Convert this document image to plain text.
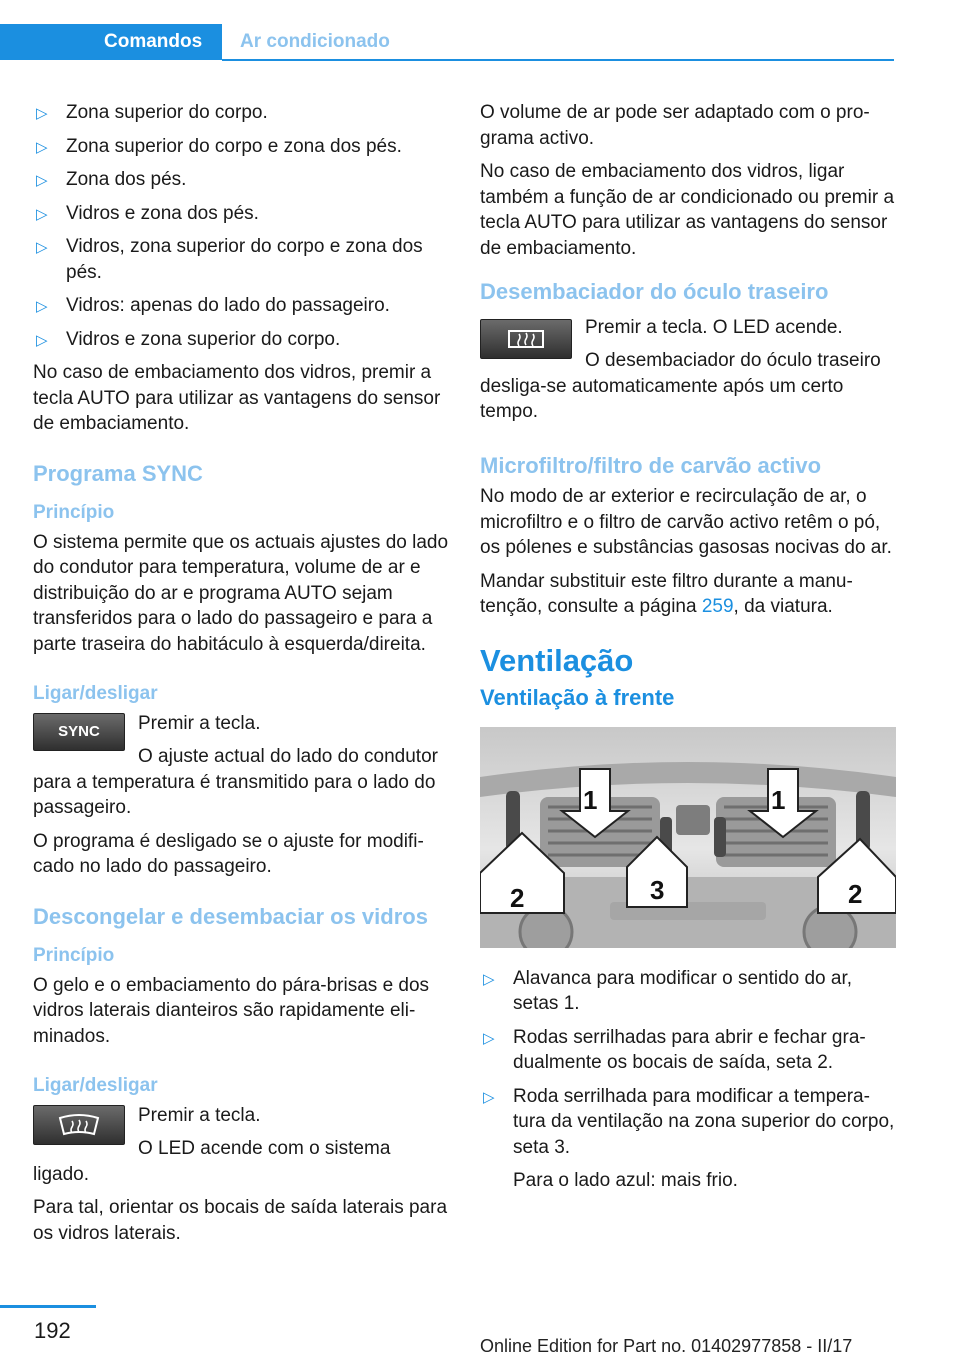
Comandos	Ar condicionado
▷ Zona superior do corpo.
▷ Zona superior do corpo e zona dos pés.
▷ Zona dos pés.
▷ Vidros e zona dos pés.
▷ Vidros, zona superior do corpo e zona dos pés.
▷ Vidros: apenas do lado do passageiro.
▷ Vidros e zona superior do corpo.

No caso de embaciamento dos vidros, premir a tecla AUTO para utilizar as vantagens do sensor de embaciamento.

Programa SYNC
Princípio

O sistema permite que os actuais ajustes do lado do condutor para temperatura, volume de ar e distribuição do ar e programa AUTO sejam transferidos para o lado do passageiro e para a parte traseira do habitáculo à esquerda/direita.

Ligar/desligar
SYNC	Premir a tecla.

O ajuste actual do lado do condutor para a temperatura é transmitido para o lado do passageiro.

O programa é desligado se o ajuste for modificado no lado do passageiro.

Descongelar e desembaciar os vidros
Princípio

O gelo e o embaciamento do pára-brisas e dos vidros laterais dianteiros são rapidamente eliminados.

Ligar/desligar

Premir a tecla.

O LED acende com o sistema ligado.

Para tal, orientar os bocais de saída laterais para os vidros laterais.

O volume de ar pode ser adaptado com o programa activo.

No caso de embaciamento dos vidros, ligar também a função de ar condicionado ou premir a tecla AUTO para utilizar as vantagens do sensor de embaciamento.

Desembaciador do óculo traseiro

Premir a tecla. O LED acende.

O desembaciador do óculo traseiro desliga-se automaticamente após um certo tempo.

Microfiltro/filtro de carvão activo

No modo de ar exterior e recirculação de ar, o microfiltro e o filtro de carvão activo retêm o pó, os pólenes e substâncias gasosas nocivas do ar.

Mandar substituir este filtro durante a manutenção, consulte a página 259, da viatura.

Ventilação
Ventilação à frente
1	1
2	3	2
▷ Alavanca para modificar o sentido do ar, setas 1.
▷ Rodas serrilhadas para abrir e fechar gradualmente os bocais de saída, seta 2.
▷ Roda serrilhada para modificar a temperatura da ventilação na zona superior do corpo, seta 3.

Para o lado azul: mais frio.

192
Online Edition for Part no. 01402977858 - II/17
